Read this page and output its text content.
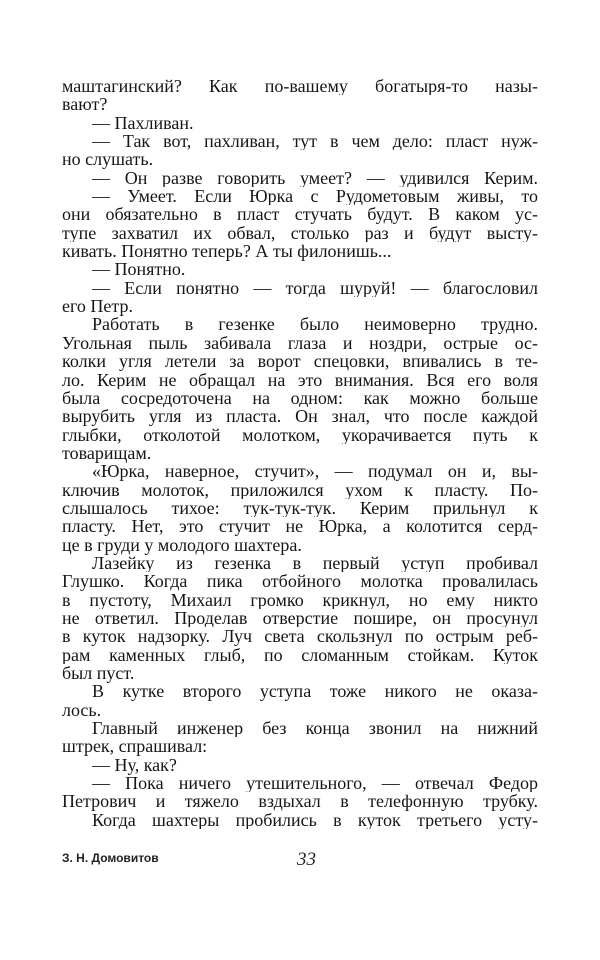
маштагинский? Как по-вашему богатыря-то назы-
вают?
— Пахливан.
— Так вот, пахливан, тут в чем дело: пласт нуж-
но слушать.
— Он разве говорить умеет? — удивился Керим.
— Умеет. Если Юрка с Рудометовым живы, то
они обязательно в пласт стучать будут. В каком ус-
тупе захватил их обвал, столько раз и будут высту-
кивать. Понятно теперь? А ты филонишь...
— Понятно.
— Если понятно — тогда шуруй! — благословил
его Петр.
Работать в гезенке было неимоверно трудно.
Угольная пыль забивала глаза и ноздри, острые ос-
колки угля летели за ворот спецовки, впивались в те-
ло. Керим не обращал на это внимания. Вся его воля
была сосредоточена на одном: как можно больше
вырубить угля из пласта. Он знал, что после каждой
глыбки, отколотой молотком, укорачивается путь к
товарищам.
«Юрка, наверное, стучит», — подумал он и, вы-
ключив молоток, приложился ухом к пласту. По-
слышалось тихое: тук-тук-тук. Керим прильнул к
пласту. Нет, это стучит не Юрка, а колотится серд-
це в груди у молодого шахтера.
Лазейку из гезенка в первый уступ пробивал
Глушко. Когда пика отбойного молотка провалилась
в пустоту, Михаил громко крикнул, но ему никто
не ответил. Проделав отверстие пошире, он просунул
в куток надзорку. Луч света скользнул по острым реб-
рам каменных глыб, по сломанным стойкам. Куток
был пуст.
В кутке второго уступа тоже никого не оказа-
лось.
Главный инженер без конца звонил на нижний
штрек, спрашивал:
— Ну, как?
— Пока ничего утешительного, — отвечал Федор
Петрович и тяжело вздыхал в телефонную трубку.
Когда шахтеры пробились в куток третьего усту-
З. Н. Домовитов	33
